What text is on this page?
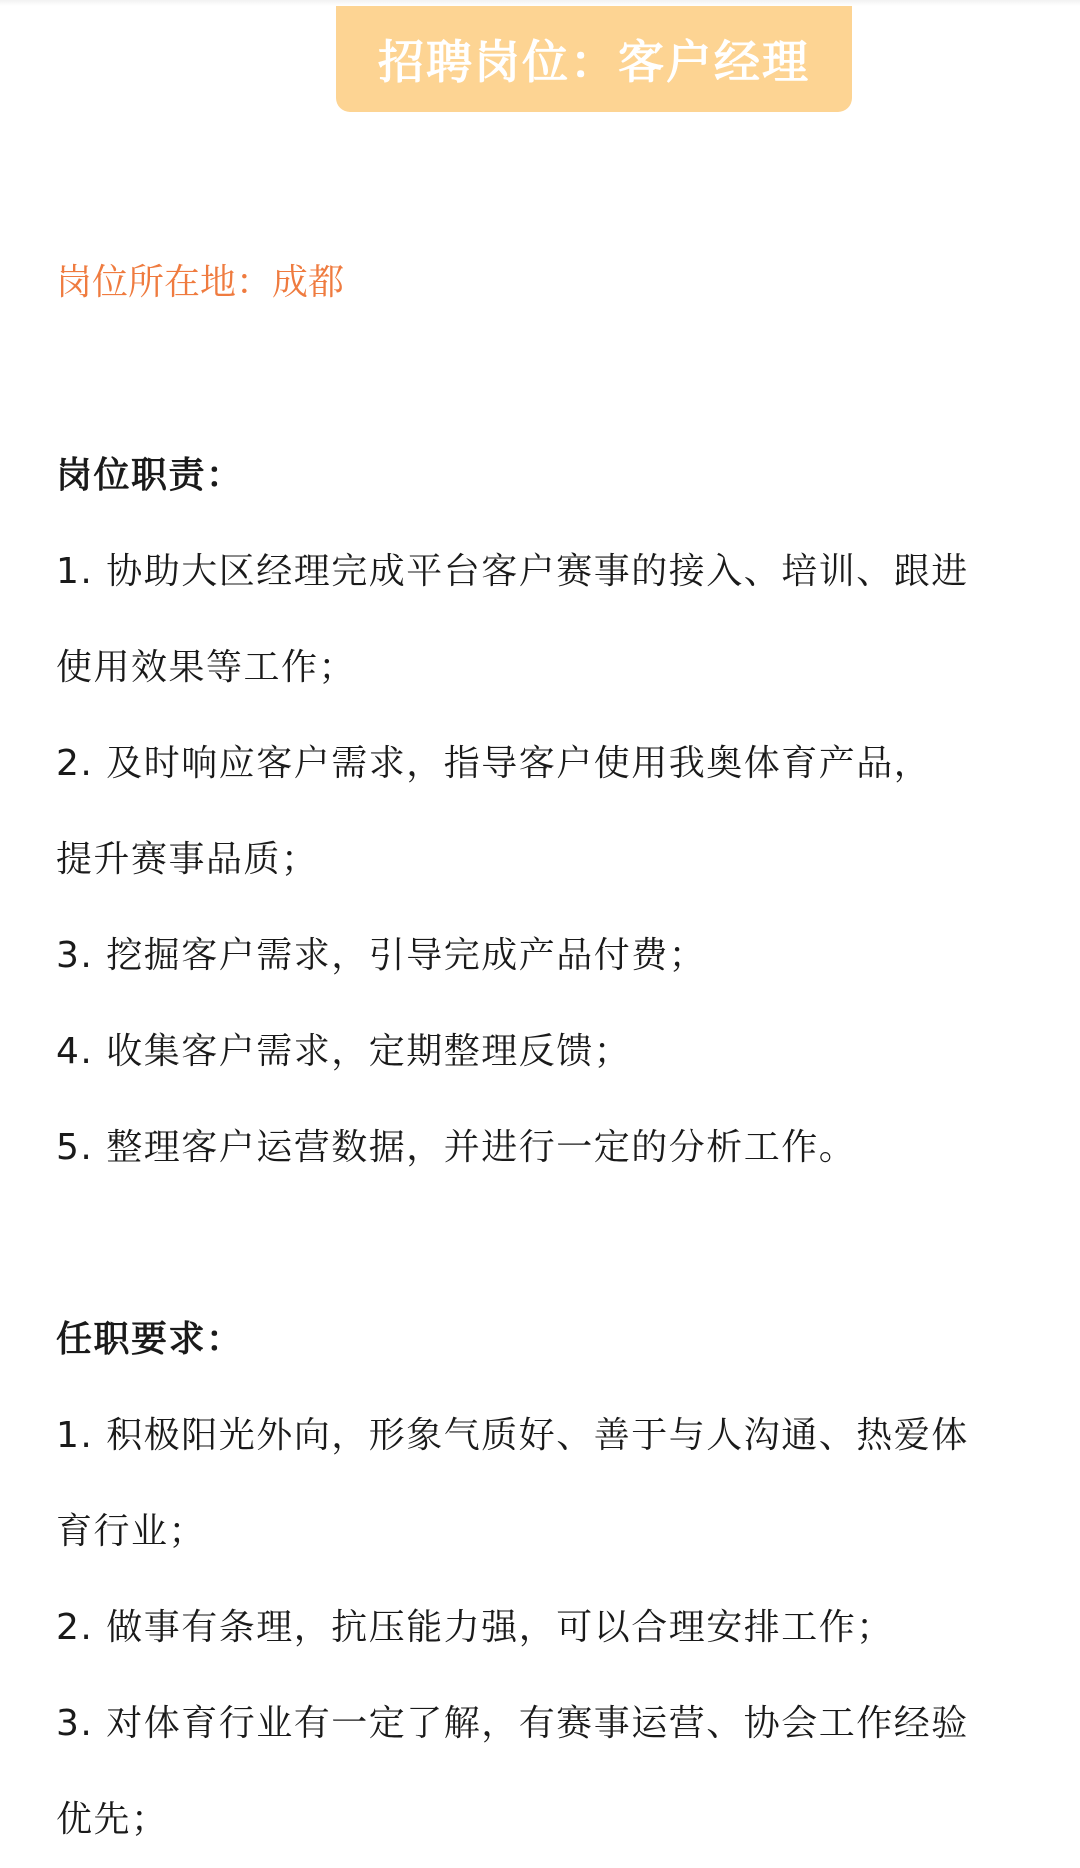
招聘岗位：客户经理
岗位所在地：成都
岗位职责：
1. 协助大区经理完成平台客户赛事的接入、培训、跟进
使用效果等工作；
2. 及时响应客户需求，指导客户使用我奥体育产品，
提升赛事品质；
3. 挖掘客户需求，引导完成产品付费；
4. 收集客户需求，定期整理反馈；
5. 整理客户运营数据，并进行一定的分析工作。
任职要求：
1. 积极阳光外向，形象气质好、善于与人沟通、热爱体
育行业；
2. 做事有条理，抗压能力强，可以合理安排工作；
3. 对体育行业有一定了解，有赛事运营、协会工作经验
优先；
